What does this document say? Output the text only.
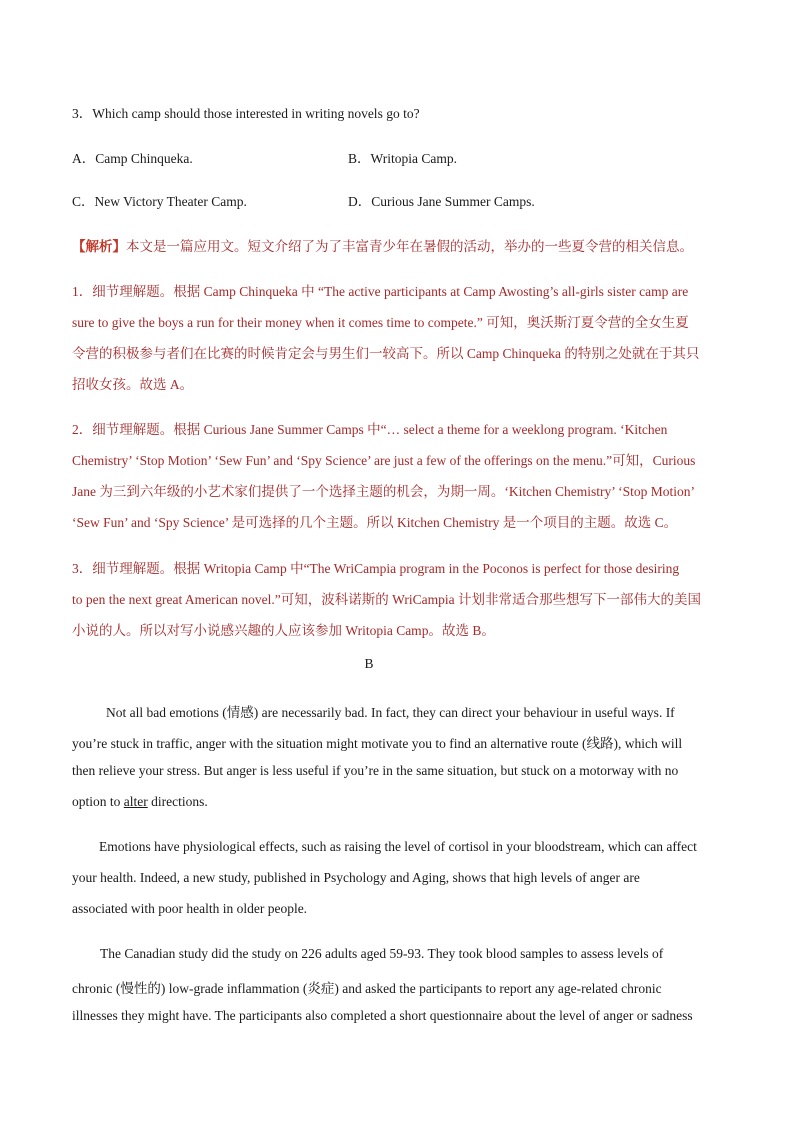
3．Which camp should those interested in writing novels go to?
A．Camp Chinqueka.	B．Writopia Camp.
C．New Victory Theater Camp.	D．Curious Jane Summer Camps.
【解析】本文是一篇应用文。短文介绍了为了丰富青少年在暑假的活动，举办的一些夏令营的相关信息。
1．细节理解题。根据 Camp Chinqueka 中 “The active participants at Camp Awosting’s all-girls sister camp are
sure to give the boys a run for their money when it comes time to compete.” 可知，奥沃斯汀夏令营的全女生夏
令营的积极参与者们在比赛的时候肯定会与男生们一较高下。所以 Camp Chinqueka 的特别之处就在于其只
招收女孩。故选 A。
2．细节理解题。根据 Curious Jane Summer Camps 中“… select a theme for a weeklong program. ‘Kitchen
Chemistry’ ‘Stop Motion’ ‘Sew Fun’ and ‘Spy Science’ are just a few of the offerings on the menu.”可知，Curious
Jane 为三到六年级的小艺术家们提供了一个选择主题的机会，为期一周。‘Kitchen Chemistry’ ‘Stop Motion’
‘Sew Fun’ and ‘Spy Science’ 是可选择的几个主题。所以 Kitchen Chemistry 是一个项目的主题。故选 C。
3．细节理解题。根据 Writopia Camp 中“The WriCampia program in the Poconos is perfect for those desiring
to pen the next great American novel.”可知，波科诺斯的 WriCampia 计划非常适合那些想写下一部伟大的美国
小说的人。所以对写小说感兴趣的人应该参加 Writopia Camp。故选 B。
B
Not all bad emotions (情感) are necessarily bad. In fact, they can direct your behaviour in useful ways. If
you’re stuck in traffic, anger with the situation might motivate you to find an alternative route (线路), which will
then relieve your stress. But anger is less useful if you’re in the same situation, but stuck on a motorway with no
option to alter directions.
Emotions have physiological effects, such as raising the level of cortisol in your bloodstream, which can affect
your health. Indeed, a new study, published in Psychology and Aging, shows that high levels of anger are
associated with poor health in older people.
The Canadian study did the study on 226 adults aged 59-93. They took blood samples to assess levels of
chronic (慢性的) low-grade inflammation (炎症) and asked the participants to report any age-related chronic
illnesses they might have. The participants also completed a short questionnaire about the level of anger or sadness
